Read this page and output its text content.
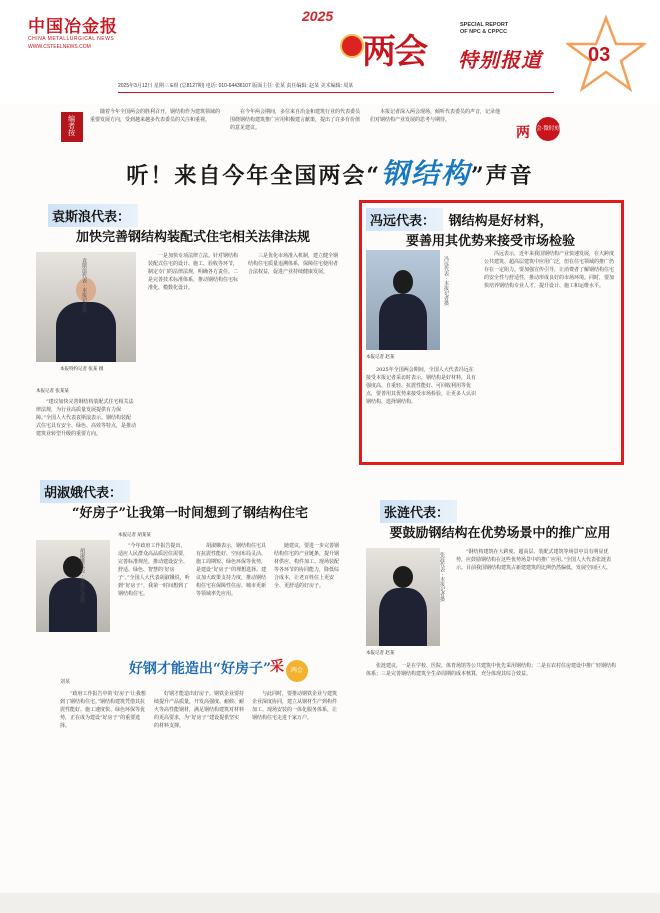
中国冶金报
CHINA METALLURGICAL NEWS
WWW.CSTEELNEWS.COM
2025
两会
SPECIAL REPORT
OF NPC & CPPCC
特别报道 03
2025年3月12日 星期三 E组 (总8127期) 电话: 010-64436107 版面主任: 张某 责任编辑: 赵某 美术编辑: 周某
编者按
随着今年全国两会的胜利召开，钢结构作为建筑领域的重要发展方向，受到越来越多代表委员的关注和重视。
在今年两会期间，多位来自冶金和建筑行业的代表委员围绕钢结构建筑推广应用积极建言献策，提出了许多有价值的意见建议。
本报记者深入两会现场，倾听代表委员的声音，记录他们对钢结构产业发展的思考与期待。
两 会·微时刻
听！来自今年全国两会“钢结构”声音
袁斯浪代表：
加快完善钢结构装配式住宅相关法律法规
袁斯浪代表 · 本报记者摄
本报特约记者 张某 摄
本报记者 张某某

“建议加快完善钢结构装配式住宅相关法律法规，为行业高质量发展提供有力保障。”全国人大代表袁斯浪表示。钢结构装配式住宅具有安全、绿色、高效等特点，是推动建筑业转型升级的重要方向。

一是加快专项法律立法。针对钢结构装配式住宅的设计、施工、验收等环节，制定专门的法律法规，明确各方责任。二是完善技术标准体系，推动钢结构住宅标准化、模数化设计。

三是优化市场准入机制，建立健全钢结构住宅质量追溯体系，保障住宅使用者合法权益，促进产业持续健康发展。

冯远代表： 钢结构是好材料，
要善用其优势来接受市场检验
冯远代表 · 本报记者摄
本报记者 赵某

2025年全国两会期间，全国人大代表冯远在接受本报记者采访时表示，钢结构是好材料，具有强度高、自重轻、抗震性能好、可回收利用等优点，要善用其优势来接受市场检验，让更多人认识钢结构、选择钢结构。

冯远表示，近年来我国钢结构产业快速发展，在大跨度公共建筑、超高层建筑中应用广泛，但在住宅领域的推广仍存在一定阻力。要加强宣传引导，让消费者了解钢结构住宅的安全性与舒适性，推动形成良好的市场环境。同时，要加快培养钢结构专业人才，提升设计、施工和运维水平。

胡淑娥代表：
“好房子”让我第一时间想到了钢结构住宅
本报记者 胡某某
胡淑娥代表 · 本报记者摄

“今年政府工作报告提出，适应人民群众高品质居住需要，完善标准规范，推动建设安全、舒适、绿色、智慧的‘好房子’。”全国人大代表胡淑娥说，听到“好房子”，我第一时间想到了钢结构住宅。

胡淑娥表示，钢结构住宅具有抗震性能好、空间布局灵活、施工周期短、绿色环保等优势，是建设“好房子”的理想选择。建议加大政策支持力度，推动钢结构住宅在保障性住房、城市更新等领域率先应用。

她建议，要进一步完善钢结构住宅的产业链条，提升钢材供应、构件加工、现场装配等各环节的协同能力，降低综合成本，让老百姓住上更安全、更舒适的好房子。

张涟代表：
要鼓励钢结构在优势场景中的推广应用
张涟代表 · 本报记者摄
本报记者 赵某

“钢结构建筑在大跨度、超高层、装配式建筑等场景中具有明显优势，应鼓励钢结构在这些优势场景中的推广应用。”全国人大代表张涟表示。目前我国钢结构建筑占新建建筑的比例仍然偏低，发展空间巨大。

张涟建议，一是在学校、医院、体育场馆等公共建筑中优先采用钢结构；二是在农村住房建设中推广轻钢结构体系；三是完善钢结构建筑全生命周期的成本核算，充分体现其综合效益。

好钢才能造出“好房子”
采	两会
刘某

“政府工作报告中的‘好房子’让我想到了钢结构住宅。”钢结构建筑凭借其抗震性能好、施工速度快、绿色环保等优势，正在成为建设“好房子”的重要选择。

好钢才能造出好房子。钢铁企业要持续提升产品质量，开发高强度、耐候、耐火等高性能钢材，满足钢结构建筑对材料的更高要求，为“好房子”建设提供坚实的材料支撑。

与此同时，要推动钢铁企业与建筑企业深度协同，建立从钢材生产到构件加工、现场安装的一体化服务体系，让钢结构住宅走进千家万户。
